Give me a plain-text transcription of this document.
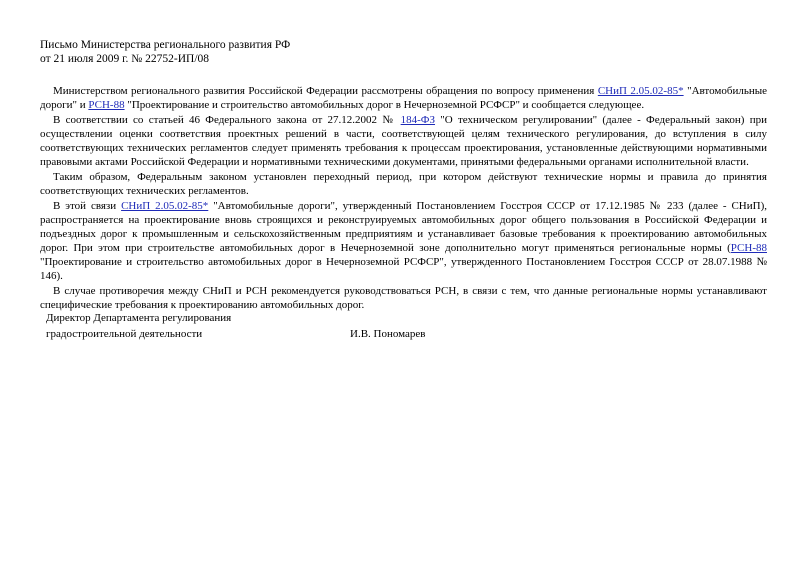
Письмо Министерства регионального развития РФ
от 21 июля 2009 г. № 22752-ИП/08

Министерством регионального развития Российской Федерации рассмотрены обращения по вопросу применения СНиП 2.05.02-85* "Автомобильные дороги" и РСН-88 "Проектирование и строительство автомобильных дорог в Нечерноземной РСФСР" и сообщается следующее.

В соответствии со статьей 46 Федерального закона от 27.12.2002 № 184-ФЗ "О техническом регулировании" (далее - Федеральный закон) при осуществлении оценки соответствия проектных решений в части, соответствующей целям технического регулирования, до вступления в силу соответствующих технических регламентов следует применять требования к процессам проектирования, установленные действующими нормативными правовыми актами Российской Федерации и нормативными техническими документами, принятыми федеральными органами исполнительной власти.

Таким образом, Федеральным законом установлен переходный период, при котором действуют технические нормы и правила до принятия соответствующих технических регламентов.

В этой связи СНиП 2.05.02-85* "Автомобильные дороги", утвержденный Постановлением Госстроя СССР от 17.12.1985 № 233 (далее - СНиП), распространяется на проектирование вновь строящихся и реконструируемых автомобильных дорог общего пользования в Российской Федерации и подъездных дорог к промышленным и сельскохозяйственным предприятиям и устанавливает базовые требования к проектированию автомобильных дорог. При этом при строительстве автомобильных дорог в Нечерноземной зоне дополнительно могут применяться региональные нормы (РСН-88 "Проектирование и строительство автомобильных дорог в Нечерноземной РСФСР", утвержденного Постановлением Госстроя СССР от 28.07.1988 № 146).

В случае противоречия между СНиП и РСН рекомендуется руководствоваться РСН, в связи с тем, что данные региональные нормы устанавливают специфические требования к проектированию автомобильных дорог.

Директор Департамента регулирования
градостроительной деятельности	И.В. Пономарев
